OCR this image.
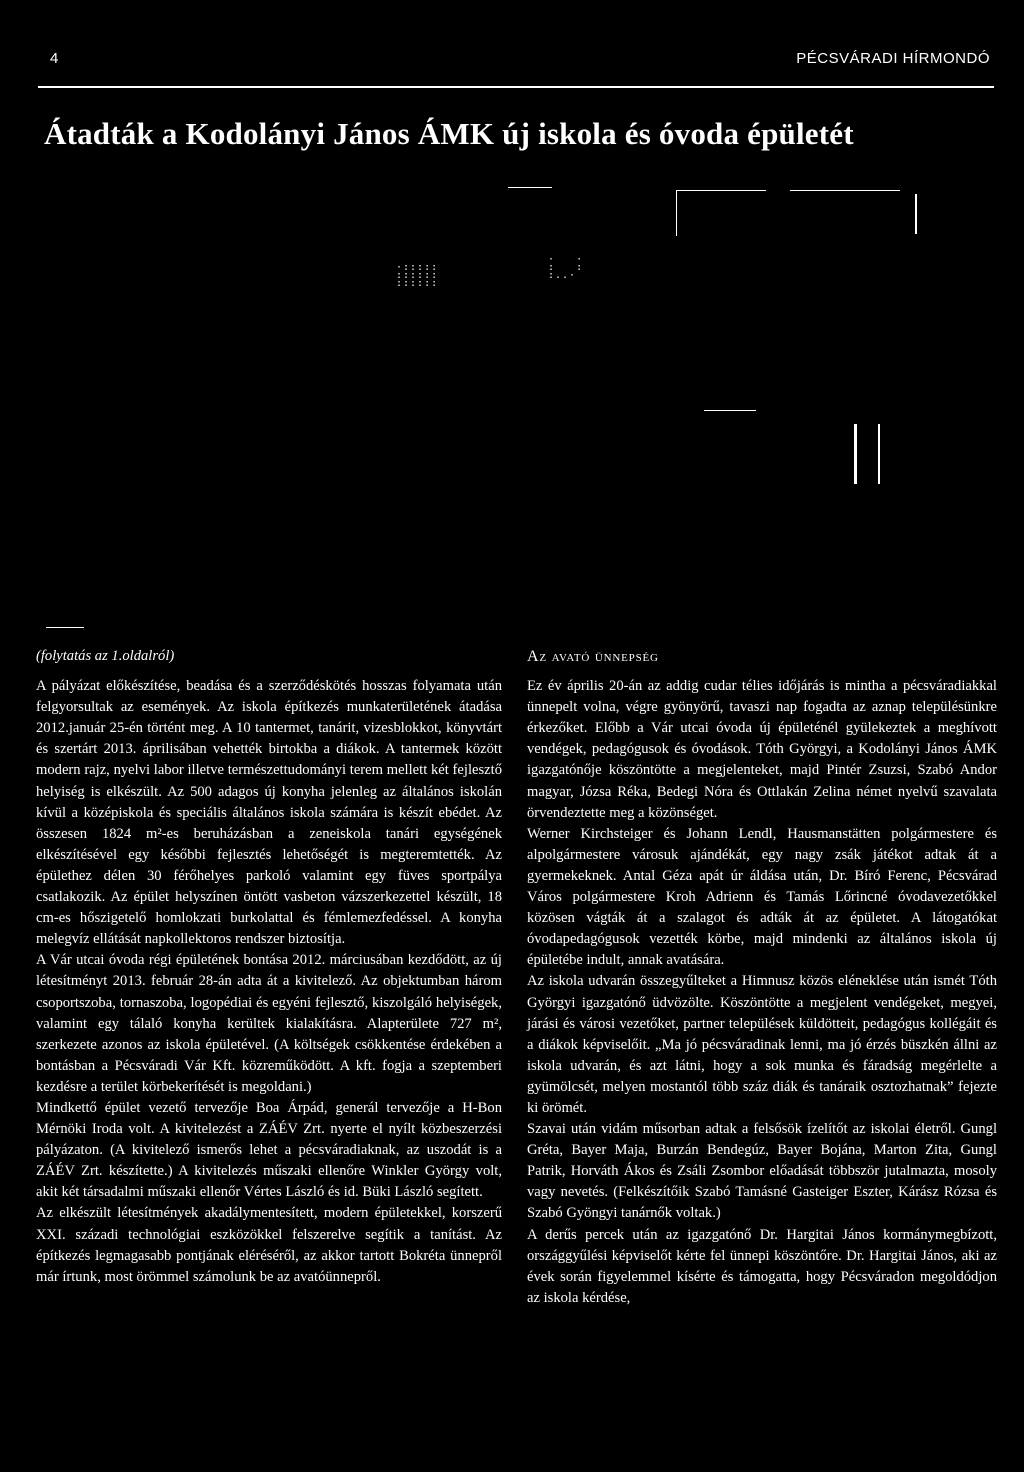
4	PÉCSVÁRADI HÍRMONDÓ
Átadták a Kodolányi János ÁMK új iskola és óvoda épületét
·:::::
::::::
::::::
·   ·
:   :
:..·

(folytatás az 1.oldalról)

A pályázat előkészítése, beadása és a szerződéskötés hosszas folyamata után felgyorsultak az események. Az iskola építkezés munkaterületének átadása 2012.január 25-én történt meg. A 10 tantermet, tanárit, vizesblokkot, könyvtárt és szertárt 2013. áprilisában vehették birtokba a diákok. A tantermek között modern rajz, nyelvi labor illetve természettudományi terem mellett két fejlesztő helyiség is elkészült. Az 500 adagos új konyha jelenleg az általános iskolán kívül a középiskola és speciális általános iskola számára is készít ebédet. Az összesen 1824 m²-es beruházásban a zeneiskola tanári egységének elkészítésével egy későbbi fejlesztés lehetőségét is megteremtették. Az épülethez délen 30 férőhelyes parkoló valamint egy füves sportpálya csatlakozik. Az épület helyszínen öntött vasbeton vázszerkezettel készült, 18 cm-es hőszigetelő homlokzati burkolattal és fémlemezfedéssel. A konyha melegvíz ellátását napkollektoros rendszer biztosítja.

A Vár utcai óvoda régi épületének bontása 2012. márciusában kezdődött, az új létesítményt 2013. február 28-án adta át a kivitelező. Az objektumban három csoportszoba, tornaszoba, logopédiai és egyéni fejlesztő, kiszolgáló helyiségek, valamint egy tálaló konyha kerültek kialakításra. Alapterülete 727 m², szerkezete azonos az iskola épületével. (A költségek csökkentése érdekében a bontásban a Pécsváradi Vár Kft. közreműködött. A kft. fogja a szeptemberi kezdésre a terület körbekerítését is megoldani.)

Mindkettő épület vezető tervezője Boa Árpád, generál tervezője a H-Bon Mérnöki Iroda volt. A kivitelezést a ZÁÉV Zrt. nyerte el nyílt közbeszerzési pályázaton. (A kivitelező ismerős lehet a pécsváradiaknak, az uszodát is a ZÁÉV Zrt. készítette.) A kivitelezés műszaki ellenőre Winkler György volt, akit két társadalmi műszaki ellenőr Vértes László és id. Büki László segített.

Az elkészült létesítmények akadálymentesített, modern épületekkel, korszerű XXI. századi technológiai eszközökkel felszerelve segítik a tanítást. Az építkezés legmagasabb pontjának eléréséről, az akkor tartott Bokréta ünnepről már írtunk, most örömmel számolunk be az avatóünnepről.

Az avató ünnepség

Ez év április 20-án az addig cudar télies időjárás is mintha a pécsváradiakkal ünnepelt volna, végre gyönyörű, tavaszi nap fogadta az aznap településünkre érkezőket. Előbb a Vár utcai óvoda új épületénél gyülekeztek a meghívott vendégek, pedagógusok és óvodások. Tóth Györgyi, a Kodolányi János ÁMK igazgatónője köszöntötte a megjelenteket, majd Pintér Zsuzsi, Szabó Andor magyar, Józsa Réka, Bedegi Nóra és Ottlakán Zelina német nyelvű szavalata örvendeztette meg a közönséget.

Werner Kirchsteiger és Johann Lendl, Hausmanstätten polgármestere és alpolgármestere városuk ajándékát, egy nagy zsák játékot adtak át a gyermekeknek. Antal Géza apát úr áldása után, Dr. Bíró Ferenc, Pécsvárad Város polgármestere Kroh Adrienn és Tamás Lőrincné óvodavezetőkkel közösen vágták át a szalagot és adták át az épületet. A látogatókat óvodapedagógusok vezették körbe, majd mindenki az általános iskola új épületébe indult, annak avatására.

Az iskola udvarán összegyűlteket a Himnusz közös eléneklése után ismét Tóth Györgyi igazgatónő üdvözölte. Köszöntötte a megjelent vendégeket, megyei, járási és városi vezetőket, partner települések küldötteit, pedagógus kollégáit és a diákok képviselőit. „Ma jó pécsváradinak lenni, ma jó érzés büszkén állni az iskola udvarán, és azt látni, hogy a sok munka és fáradság megérlelte a gyümölcsét, melyen mostantól több száz diák és tanáraik osztozhatnak” fejezte ki örömét.

Szavai után vidám műsorban adtak a felsősök ízelítőt az iskolai életről. Gungl Gréta, Bayer Maja, Burzán Bendegúz, Bayer Bojána, Marton Zita, Gungl Patrik, Horváth Ákos és Zsáli Zsombor előadását többször jutalmazta, mosoly vagy nevetés. (Felkészítőik Szabó Tamásné Gasteiger Eszter, Kárász Rózsa és Szabó Gyöngyi tanárnők voltak.)

A derűs percek után az igazgatónő Dr. Hargitai János kormánymegbízott, országgyűlési képviselőt kérte fel ünnepi köszöntőre. Dr. Hargitai János, aki az évek során figyelemmel kísérte és támogatta, hogy Pécsváradon megoldódjon az iskola kérdése,
